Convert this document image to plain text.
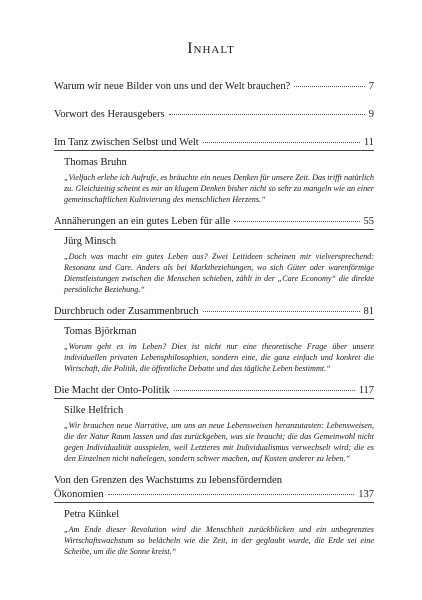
Inhalt
Warum wir neue Bilder von uns und der Welt brauchen?	7
Vorwort des Herausgebers	9
Im Tanz zwischen Selbst und Welt	11
Thomas Bruhn
„Vielfach erlebe ich Aufrufe, es bräuchte ein neues Denken für unsere Zeit. Das trifft natürlich zu. Gleichzeitig scheint es mir an klugem Denken bisher nicht so sehr zu mangeln wie an einer gemeinschaftlichen Kultivierung des menschlichen Herzens.“
Annäherungen an ein gutes Leben für alle	55
Jürg Minsch
„Doch was macht ein gutes Leben aus? Zwei Leitideen scheinen mir vielversprechend: Resonanz und Care. Anders als bei Marktbeziehungen, wo sich Güter oder warenförmige Dienstleistungen zwischen die Menschen schieben, zählt in der „Care Economy“ die direkte persönliche Beziehung.“
Durchbruch oder Zusammenbruch	81
Tomas Björkman
„Worum geht es im Leben? Dies ist nicht nur eine theoretische Frage über unsere individuellen privaten Lebensphilosophien, sondern eine, die ganz einfach und konkret die Wirtschaft, die Politik, die öffentliche Debatte und das tägliche Leben bestimmt.“
Die Macht der Onto-Politik	117
Silke Helfrich
„Wir brauchen neue Narrative, um uns an neue Lebensweisen heranzutasten: Lebensweisen, die der Natur Raum lassen und das zurückgeben, was sie braucht; die das Gemeinwohl nicht gegen Individualität ausspielen, weil Letzteres mit Individualismus verwechselt wird; die es den Einzelnen nicht nahelegen, sondern schwer machen, auf Kosten anderer zu leben.“
Von den Grenzen des Wachstums zu lebensfördernden
Ökonomien	137
Petra Künkel
„Am Ende dieser Revolution wird die Menschheit zurückblicken und ein unbegrenztes Wirtschaftswachstum so belächeln wie die Zeit, in der geglaubt wurde, die Erde sei eine Scheibe, um die die Sonne kreist.“
